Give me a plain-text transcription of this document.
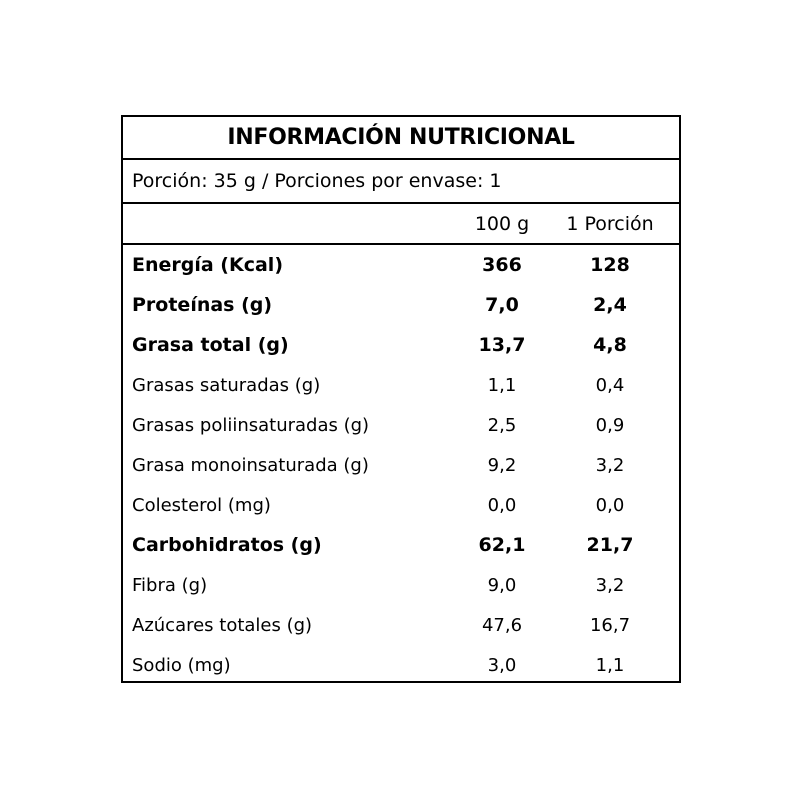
INFORMACIÓN NUTRICIONAL
Porción: 35 g / Porciones por envase: 1
100 g	1 Porción
Energía (Kcal)	366	128
Proteínas (g)	7,0	2,4
Grasa total (g)	13,7	4,8
Grasas saturadas (g)	1,1	0,4
Grasas poliinsaturadas (g)	2,5	0,9
Grasa monoinsaturada (g)	9,2	3,2
Colesterol (mg)	0,0	0,0
Carbohidratos (g)	62,1	21,7
Fibra (g)	9,0	3,2
Azúcares totales (g)	47,6	16,7
Sodio (mg)	3,0	1,1
